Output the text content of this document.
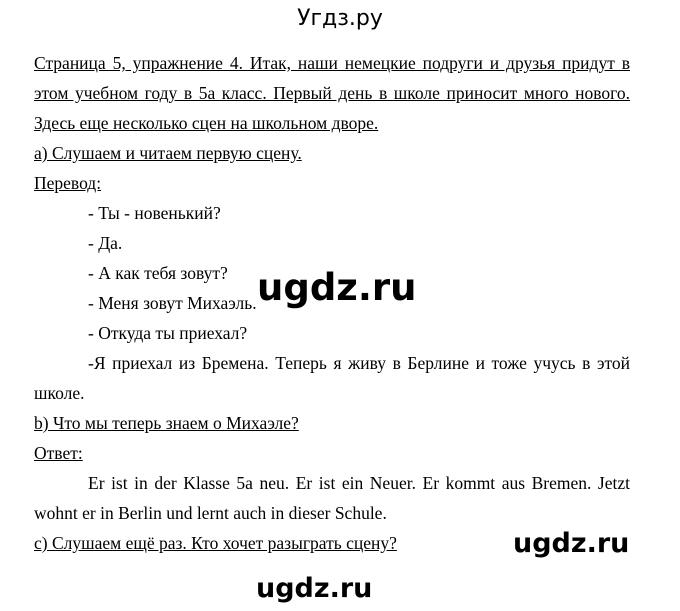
Угдз.ру

Страница 5, упражнение 4. Итак, наши немецкие подруги и друзья придут в этом учебном году в 5а класс. Первый день в школе приносит много нового. Здесь еще несколько сцен на школьном дворе.

а) Слушаем и читаем первую сцену.

Перевод:

- Ты - новенький?

- Да.

- А как тебя зовут?

- Меня зовут Михаэль.

- Откуда ты приехал?

-Я приехал из Бремена. Теперь я живу в Берлине и тоже учусь в этой школе.

b) Что мы теперь знаем о Михаэле?

Ответ:

Er ist in der Klasse 5a neu. Er ist ein Neuer. Er kommt aus Bremen. Jetzt wohnt er in Berlin und lernt auch in dieser Schule.

c) Слушаем ещё раз. Кто хочет разыграть сцену?

ugdz.ru
ugdz.ru
ugdz.ru
